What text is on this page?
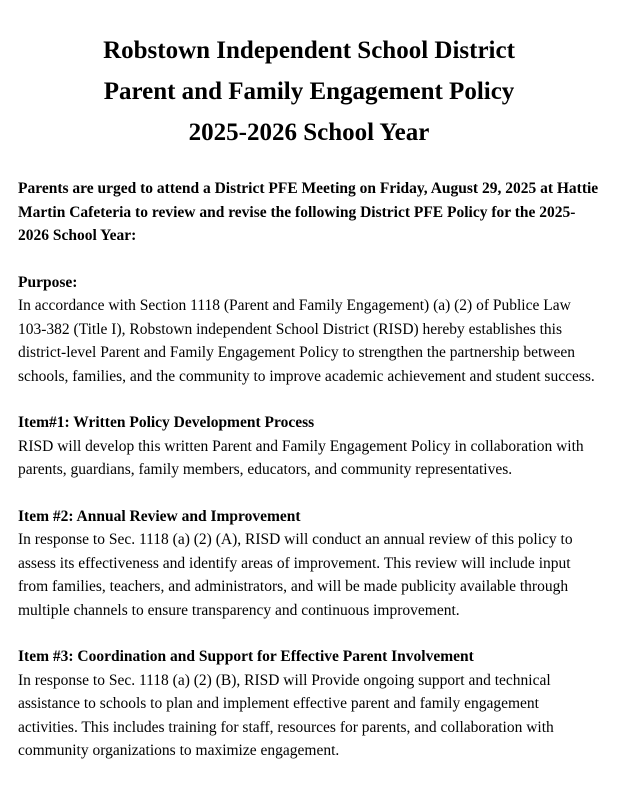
Robstown Independent School District
Parent and Family Engagement Policy
2025-2026 School Year
Parents are urged to attend a District PFE Meeting on Friday, August 29, 2025 at Hattie Martin Cafeteria to review and revise the following District PFE Policy for the 2025-2026 School Year:
Purpose:
In accordance with Section 1118 (Parent and Family Engagement) (a) (2) of Publice Law 103-382 (Title I), Robstown independent School District (RISD) hereby establishes this district-level Parent and Family Engagement Policy to strengthen the partnership between schools, families, and the community to improve academic achievement and student success.
Item#1: Written Policy Development Process
RISD will develop this written Parent and Family Engagement Policy in collaboration with parents, guardians, family members, educators, and community representatives.
Item #2: Annual Review and Improvement
In response to Sec. 1118 (a) (2) (A), RISD will conduct an annual review of this policy to assess its effectiveness and identify areas of improvement. This review will include input from families, teachers, and administrators, and will be made publicity available through multiple channels to ensure transparency and continuous improvement.
Item #3: Coordination and Support for Effective Parent Involvement
In response to Sec. 1118 (a) (2) (B), RISD will Provide ongoing support and technical assistance to schools to plan and implement effective parent and family engagement activities. This includes training for staff, resources for parents, and collaboration with community organizations to maximize engagement.
